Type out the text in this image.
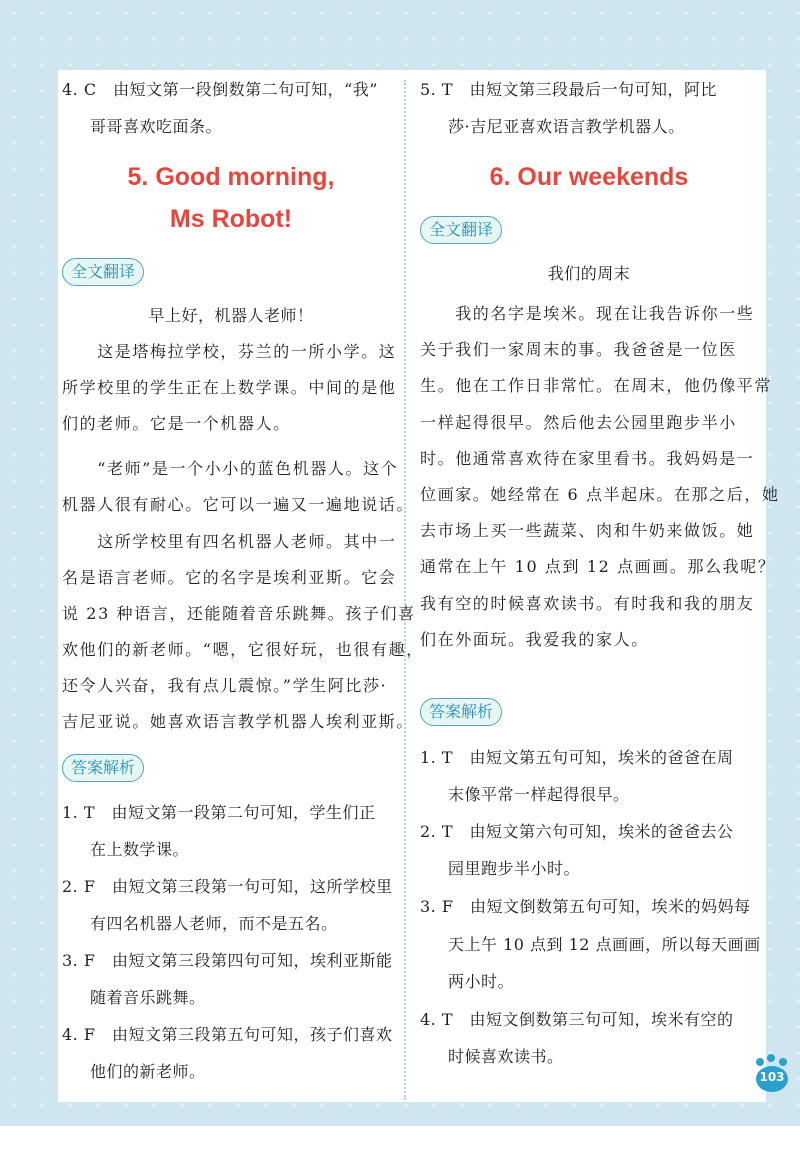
4. C　由短文第一段倒数第二句可知，“我”
哥哥喜欢吃面条。
5. Good morning,
Ms Robot!
全文翻译
早上好，机器人老师！
　　这是塔梅拉学校，芬兰的一所小学。这
所学校里的学生正在上数学课。中间的是他
们的老师。它是一个机器人。
　　“老师”是一个小小的蓝色机器人。这个
机器人很有耐心。它可以一遍又一遍地说话。
　　这所学校里有四名机器人老师。其中一
名是语言老师。它的名字是埃利亚斯。它会
说 23 种语言，还能随着音乐跳舞。孩子们喜
欢他们的新老师。“嗯，它很好玩，也很有趣，
还令人兴奋，我有点儿震惊。”学生阿比莎·
吉尼亚说。她喜欢语言教学机器人埃利亚斯。
答案解析
1. T　由短文第一段第二句可知，学生们正
在上数学课。
2. F　由短文第三段第一句可知，这所学校里
有四名机器人老师，而不是五名。
3. F　由短文第三段第四句可知，埃利亚斯能
随着音乐跳舞。
4. F　由短文第三段第五句可知，孩子们喜欢
他们的新老师。
5. T　由短文第三段最后一句可知，阿比
莎·吉尼亚喜欢语言教学机器人。
6. Our weekends
全文翻译
我们的周末
　　我的名字是埃米。现在让我告诉你一些
关于我们一家周末的事。我爸爸是一位医
生。他在工作日非常忙。在周末，他仍像平常
一样起得很早。然后他去公园里跑步半小
时。他通常喜欢待在家里看书。我妈妈是一
位画家。她经常在 6 点半起床。在那之后，她
去市场上买一些蔬菜、肉和牛奶来做饭。她
通常在上午 10 点到 12 点画画。那么我呢？
我有空的时候喜欢读书。有时我和我的朋友
们在外面玩。我爱我的家人。
答案解析
1. T　由短文第五句可知，埃米的爸爸在周
末像平常一样起得很早。
2. T　由短文第六句可知，埃米的爸爸去公
园里跑步半小时。
3. F　由短文倒数第五句可知，埃米的妈妈每
天上午 10 点到 12 点画画，所以每天画画
两小时。
4. T　由短文倒数第三句可知，埃米有空的
时候喜欢读书。
103
